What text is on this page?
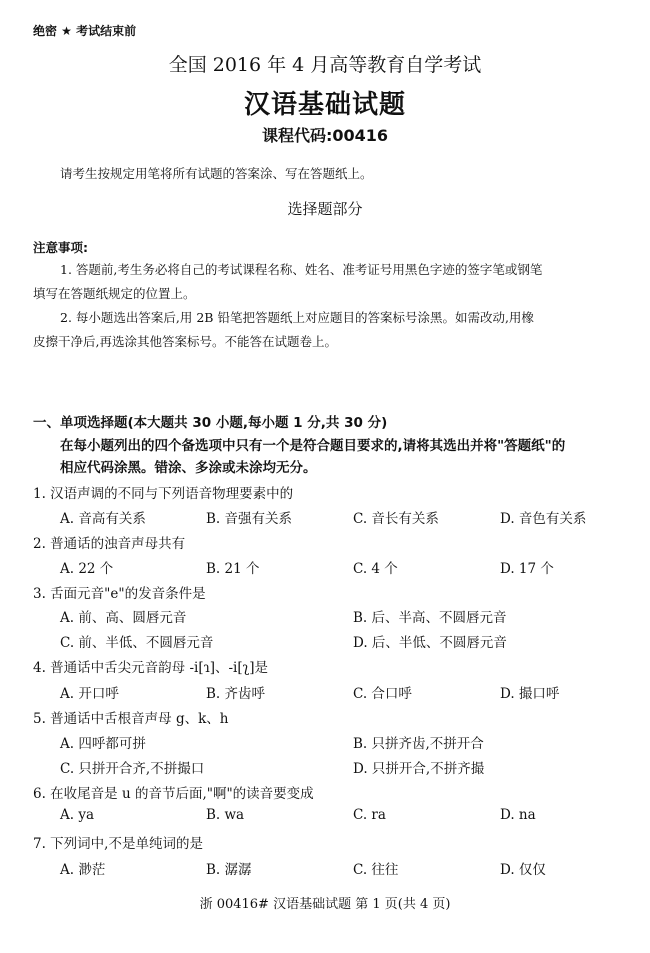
绝密 ★ 考试结束前
全国 2016 年 4 月高等教育自学考试
汉语基础试题
课程代码:00416
请考生按规定用笔将所有试题的答案涂、写在答题纸上。
选择题部分
注意事项:
1. 答题前,考生务必将自己的考试课程名称、姓名、准考证号用黑色字迹的签字笔或钢笔
填写在答题纸规定的位置上。
2. 每小题选出答案后,用 2B 铅笔把答题纸上对应题目的答案标号涂黑。如需改动,用橡
皮擦干净后,再选涂其他答案标号。不能答在试题卷上。
一、单项选择题(本大题共 30 小题,每小题 1 分,共 30 分)
在每小题列出的四个备选项中只有一个是符合题目要求的,请将其选出并将"答题纸"的
相应代码涂黑。错涂、多涂或未涂均无分。
1. 汉语声调的不同与下列语音物理要素中的
A. 音高有关系	B. 音强有关系	C. 音长有关系	D. 音色有关系
2. 普通话的浊音声母共有
A. 22 个	B. 21 个	C. 4 个	D. 17 个
3. 舌面元音"e"的发音条件是
A. 前、高、圆唇元音	B. 后、半高、不圆唇元音
C. 前、半低、不圆唇元音	D. 后、半低、不圆唇元音
4. 普通话中舌尖元音韵母 -i[ɿ]、-i[ʅ]是
A. 开口呼	B. 齐齿呼	C. 合口呼	D. 撮口呼
5. 普通话中舌根音声母 g、k、h
A. 四呼都可拼	B. 只拼齐齿,不拼开合
C. 只拼开合齐,不拼撮口	D. 只拼开合,不拼齐撮
6. 在收尾音是 u 的音节后面,"啊"的读音要变成
A. ya	B. wa	C. ra	D. na
7. 下列词中,不是单纯词的是
A. 渺茫	B. 潺潺	C. 往往	D. 仅仅
浙 00416# 汉语基础试题 第 1 页(共 4 页)
